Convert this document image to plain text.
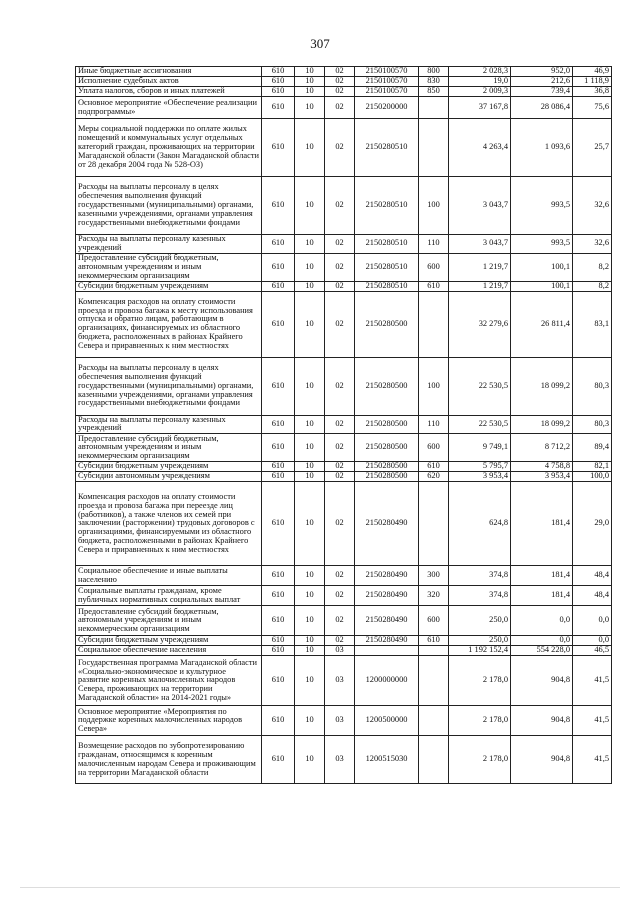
307
Иные бюджетные ассигнования	610	10	02	2150100570	800	2 028,3	952,0	46,9
Исполнение судебных актов	610	10	02	2150100570	830	19,0	212,6	1 118,9
Уплата налогов, сборов и иных платежей	610	10	02	2150100570	850	2 009,3	739,4	36,8
Основное мероприятие «Обеспечение реализации подпрограммы»	610	10	02	2150200000		37 167,8	28 086,4	75,6
Меры социальной поддержки по оплате жилых помещений и коммунальных услуг отдельных категорий граждан, проживающих на территории Магаданской области (Закон Магаданской области от 28 декабря 2004 года № 528-ОЗ)	610	10	02	2150280510		4 263,4	1 093,6	25,7
Расходы на выплаты персоналу в целях обеспечения выполнения функций государственными (муниципальными) органами, казенными учреждениями, органами управления государственными внебюджетными фондами	610	10	02	2150280510	100	3 043,7	993,5	32,6
Расходы на выплаты персоналу казенных учреждений	610	10	02	2150280510	110	3 043,7	993,5	32,6
Предоставление субсидий бюджетным, автономным учреждениям и иным некоммерческим организациям	610	10	02	2150280510	600	1 219,7	100,1	8,2
Субсидии бюджетным учреждениям	610	10	02	2150280510	610	1 219,7	100,1	8,2
Компенсация расходов на оплату стоимости проезда и провоза багажа к месту использования отпуска и обратно лицам, работающим в организациях, финансируемых из областного бюджета, расположенных в районах Крайнего Севера и приравненных к ним местностях	610	10	02	2150280500		32 279,6	26 811,4	83,1
Расходы на выплаты персоналу в целях обеспечения выполнения функций государственными (муниципальными) органами, казенными учреждениями, органами управления государственными внебюджетными фондами	610	10	02	2150280500	100	22 530,5	18 099,2	80,3
Расходы на выплаты персоналу казенных учреждений	610	10	02	2150280500	110	22 530,5	18 099,2	80,3
Предоставление субсидий бюджетным, автономным учреждениям и иным некоммерческим организациям	610	10	02	2150280500	600	9 749,1	8 712,2	89,4
Субсидии бюджетным учреждениям	610	10	02	2150280500	610	5 795,7	4 758,8	82,1
Субсидии автономным учреждениям	610	10	02	2150280500	620	3 953,4	3 953,4	100,0
Компенсация расходов на оплату стоимости проезда и провоза багажа при переезде лиц (работников), а также членов их семей при заключении (расторжении) трудовых договоров с организациями, финансируемыми из областного бюджета, расположенными в районах Крайнего Севера и приравненных к ним местностях	610	10	02	2150280490		624,8	181,4	29,0
Социальное обеспечение и иные выплаты населению	610	10	02	2150280490	300	374,8	181,4	48,4
Социальные выплаты гражданам, кроме публичных нормативных социальных выплат	610	10	02	2150280490	320	374,8	181,4	48,4
Предоставление субсидий бюджетным, автономным учреждениям и иным некоммерческим организациям	610	10	02	2150280490	600	250,0	0,0	0,0
Субсидии бюджетным учреждениям	610	10	02	2150280490	610	250,0	0,0	0,0
Социальное обеспечение населения	610	10	03			1 192 152,4	554 228,0	46,5
Государственная программа Магаданской области «Социально-экономическое и культурное развитие коренных малочисленных народов Севера, проживающих на территории Магаданской области» на 2014-2021 годы»	610	10	03	1200000000		2 178,0	904,8	41,5
Основное мероприятие «Мероприятия по поддержке коренных малочисленных народов Севера»	610	10	03	1200500000		2 178,0	904,8	41,5
Возмещение расходов по зубопротезированию гражданам, относящимся к коренным малочисленным народам Севера и проживающим на территории Магаданской области	610	10	03	1200515030		2 178,0	904,8	41,5
